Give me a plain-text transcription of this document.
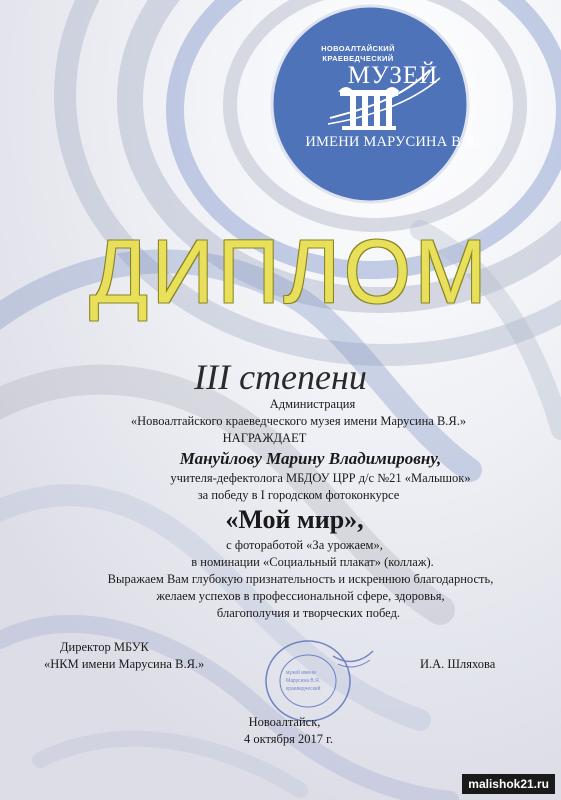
НОВОАЛТАЙСКИЙ
КРАЕВЕДЧЕСКИЙ
МУЗЕЙ
ИМЕНИ МАРУСИНА В.Я.
ДИПЛОМ
III степени
Администрация
«Новоалтайского краеведческого музея имени Марусина В.Я.»
НАГРАЖДАЕТ
Мануйлову Марину Владимировну,
учителя-дефектолога МБДОУ ЦРР д/с №21 «Малышок»
за победу в I городском фотоконкурсе
«Мой мир»,
с фотоработой «За урожаем»,
в номинации «Социальный плакат» (коллаж).
Выражаем Вам глубокую признательность и искреннюю благодарность,
желаем успехов в профессиональной сфере, здоровья,
благополучия и творческих побед.
музей имени
Марусина В.Я.
краеведческий
Директор МБУК
«НКМ имени Марусина В.Я.»	И.А. Шляхова
Новоалтайск,
4 октября 2017 г.
malishok21.ru
